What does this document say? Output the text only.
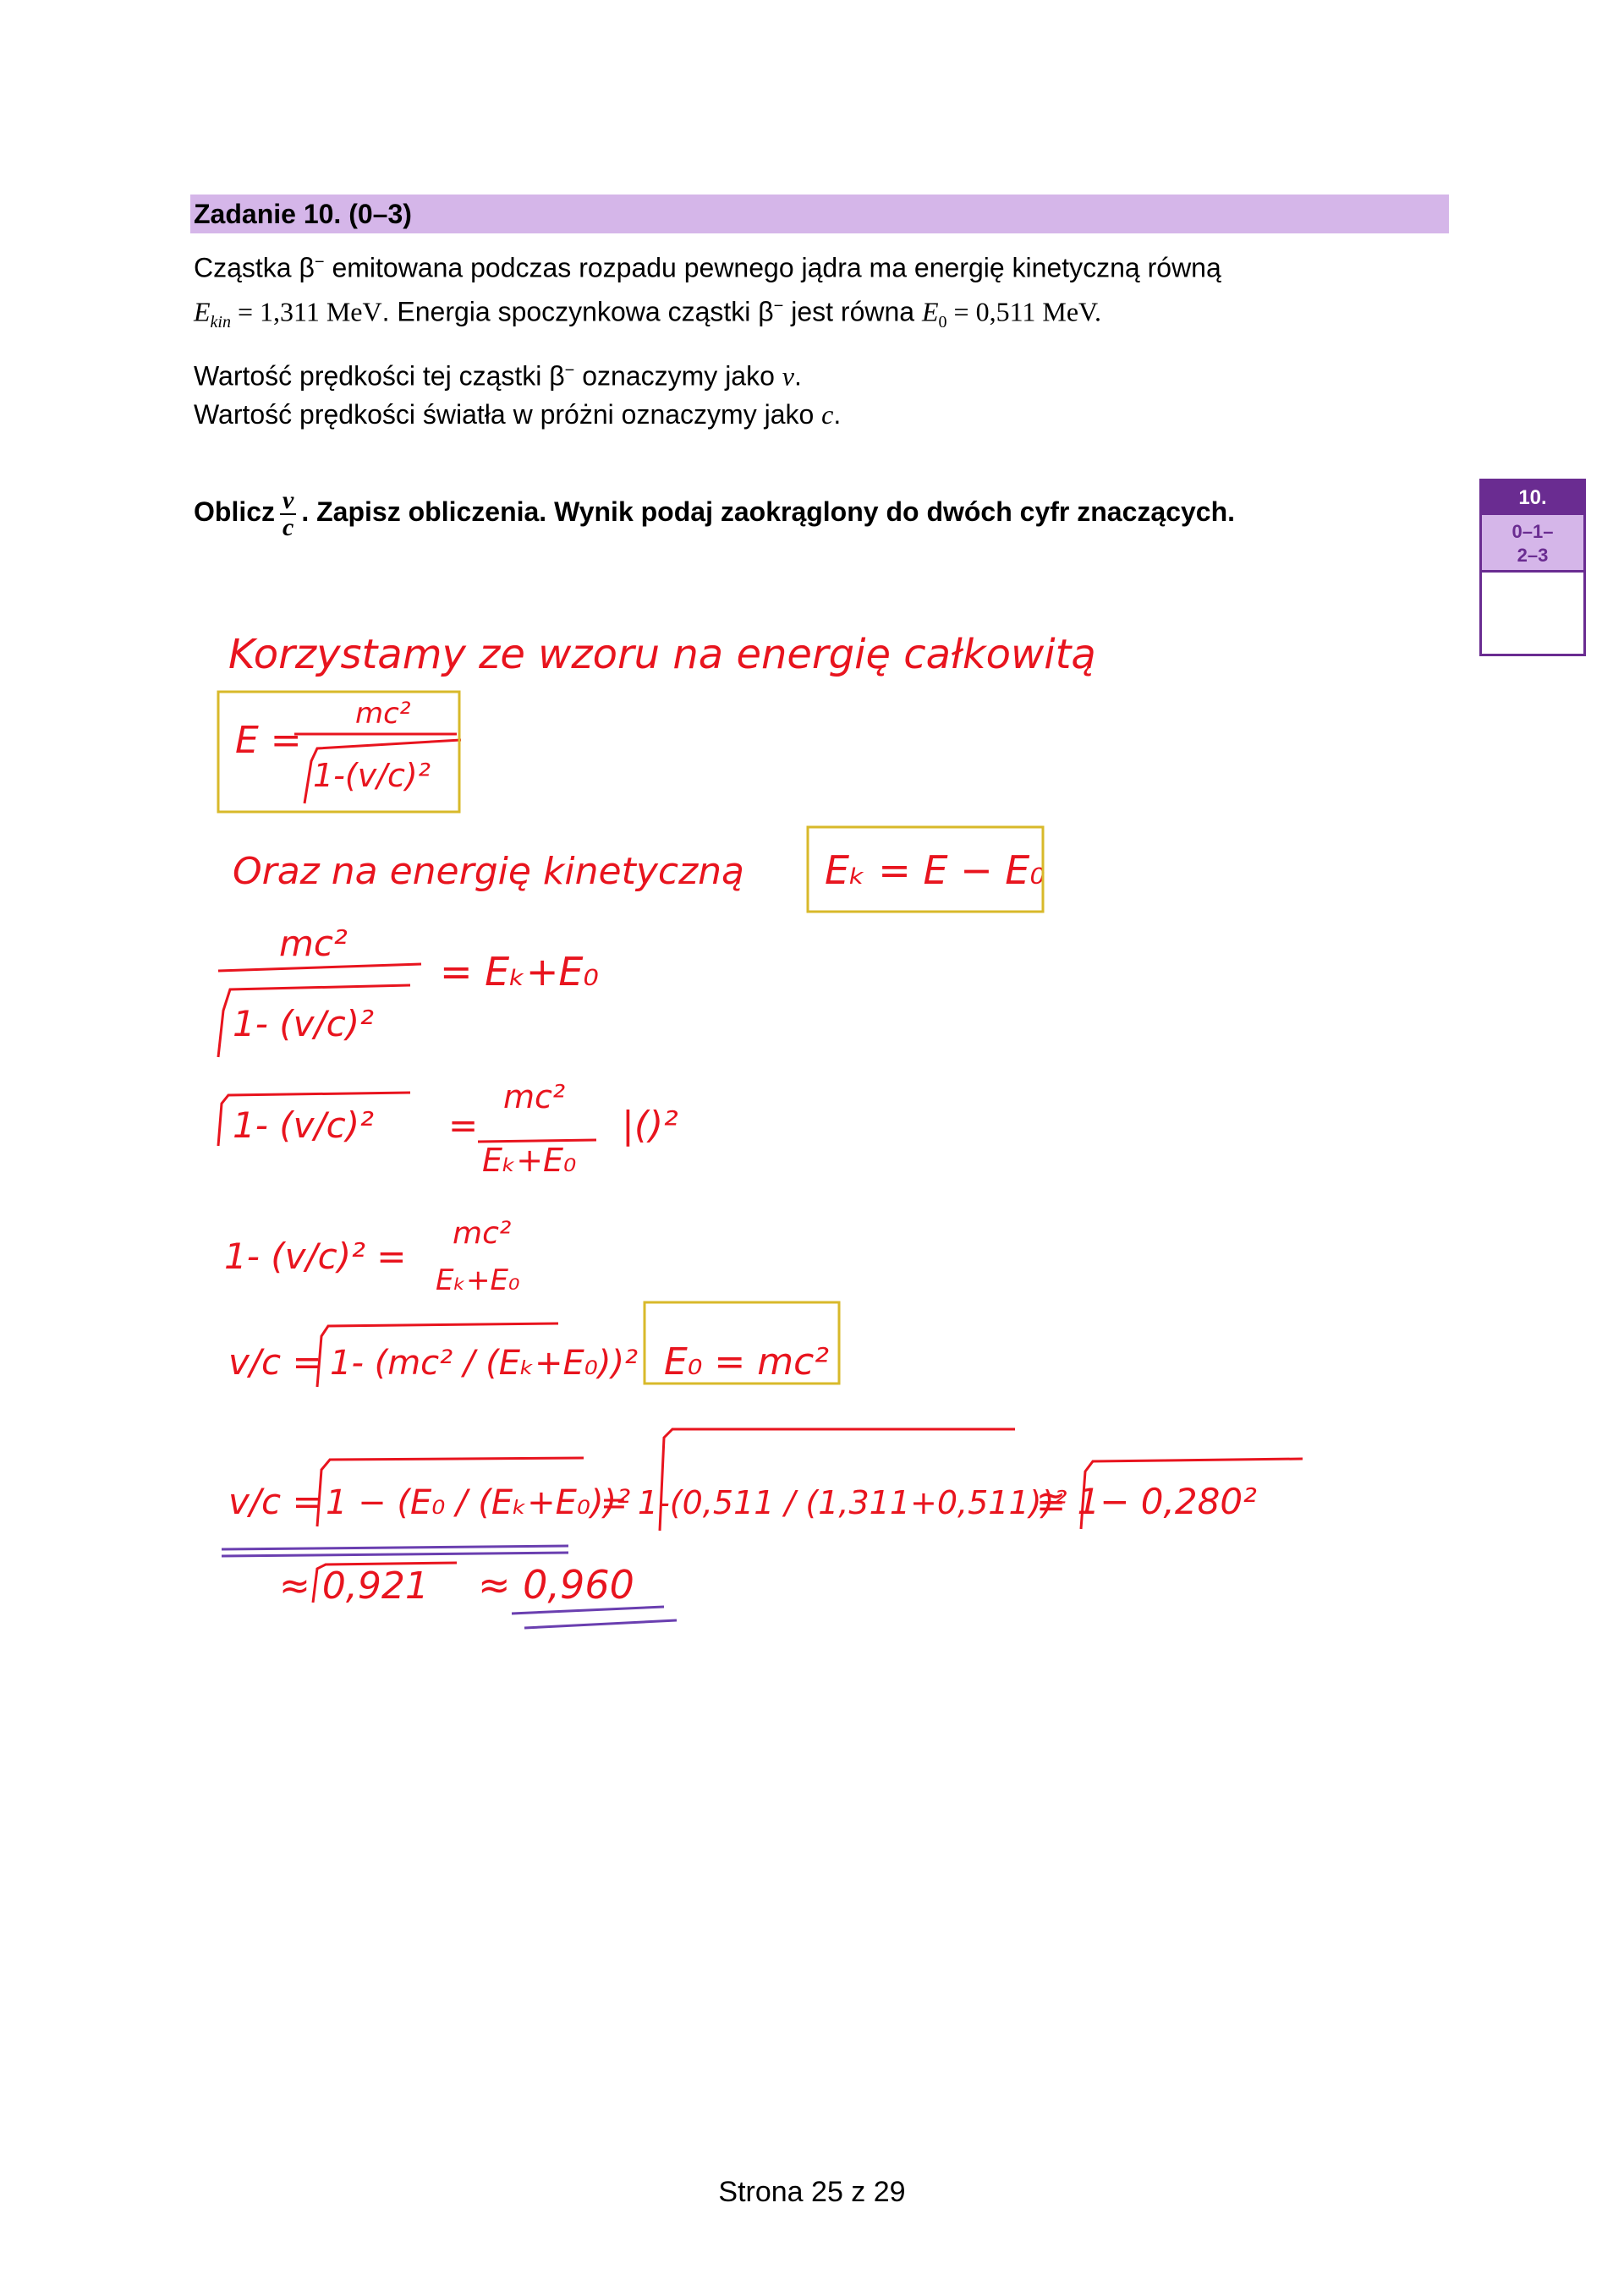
Zadanie 10. (0–3)
Cząstka β− emitowana podczas rozpadu pewnego jądra ma energię kinetyczną równą
$E_{kin} = 1,311$ MeV. Energia spoczynkowa cząstki β− jest równa $E_0 = 0,511$ MeV.
Wartość prędkości tej cząstki β− oznaczymy jako v.
Wartość prędkości światła w próżni oznaczymy jako c.
Oblicz $\frac{v}{c}$ . Zapisz obliczenia. Wynik podaj zaokrąglony do dwóch cyfr znaczących.	10.
0–1–
2–3
Korzystamy ze wzoru na energię całkowitą
E =
mc²
1-(v/c)²
Oraz na energię kinetyczną Eₖ = E − E₀
mc²
1- (v/c)²
= Eₖ+E₀
1- (v/c)² =
mc²
Eₖ+E₀
|()²
1- (v/c)² =
mc²
Eₖ+E₀
v/c = 1- (mc² / (Eₖ+E₀))² E₀ = mc²
v/c = 1 − (E₀ / (Eₖ+E₀))²
= 1-(0,511 / (1,311+0,511))²
≅ 1− 0,280²
≈ 0,921 ≈ 0,960
Strona 25 z 29
